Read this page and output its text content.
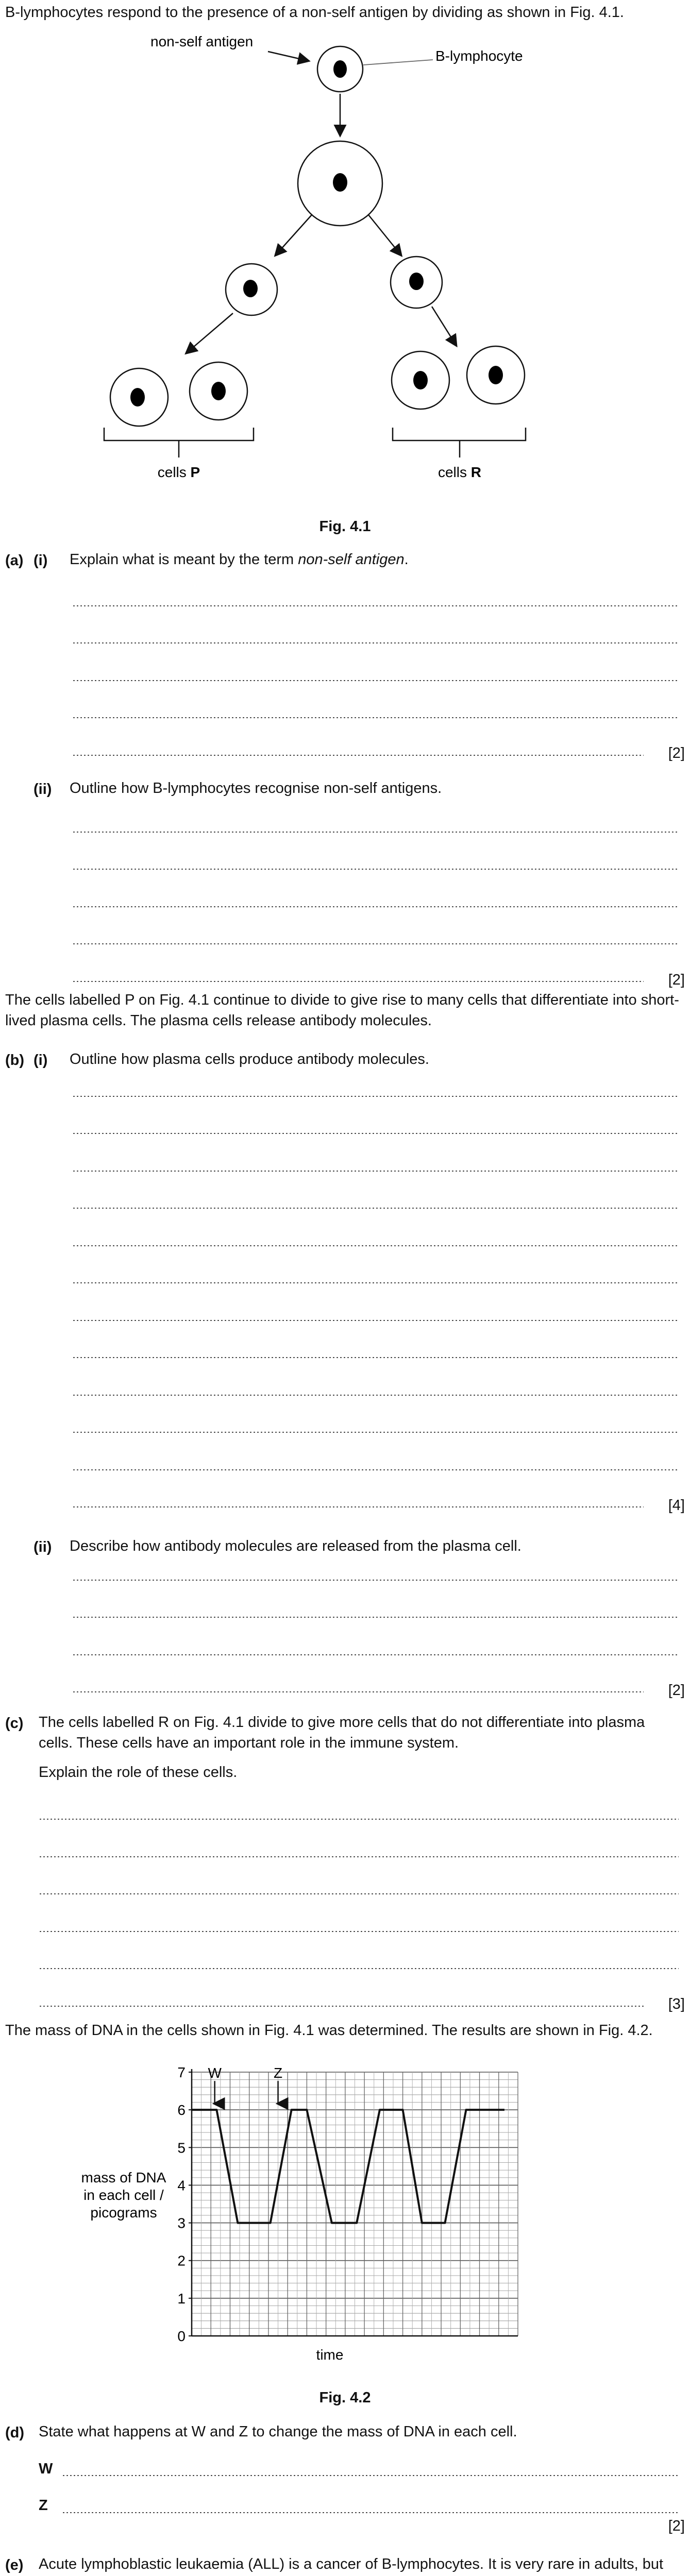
B-lymphocytes respond to the presence of a non-self antigen by dividing as shown in Fig. 4.1.
non-self antigen
B-lymphocyte
cells P	cells R
Fig. 4.1
(a) (i) Explain what is meant by the term non-self antigen.
[2]
(ii) Outline how B-lymphocytes recognise non-self antigens.
[2]
The cells labelled P on Fig. 4.1 continue to divide to give rise to many cells that differentiate into short-lived plasma cells. The plasma cells release antibody molecules.
(b) (i) Outline how plasma cells produce antibody molecules.
[4]
(ii) Describe how antibody molecules are released from the plasma cell.
[2]
(c) The cells labelled R on Fig. 4.1 divide to give more cells that do not differentiate into plasma cells. These cells have an important role in the immune system.
Explain the role of these cells.
[3]
The mass of DNA in the cells shown in Fig. 4.1 was determined. The results are shown in Fig. 4.2.
0
1
2
3
4
5
6
7
mass of DNA
in each cell /
picograms
time
W	Z
Fig. 4.2
(d) State what happens at W and Z to change the mass of DNA in each cell.
W
Z
[2]
(e) Acute lymphoblastic leukaemia (ALL) is a cancer of B-lymphocytes. It is very rare in adults, but
